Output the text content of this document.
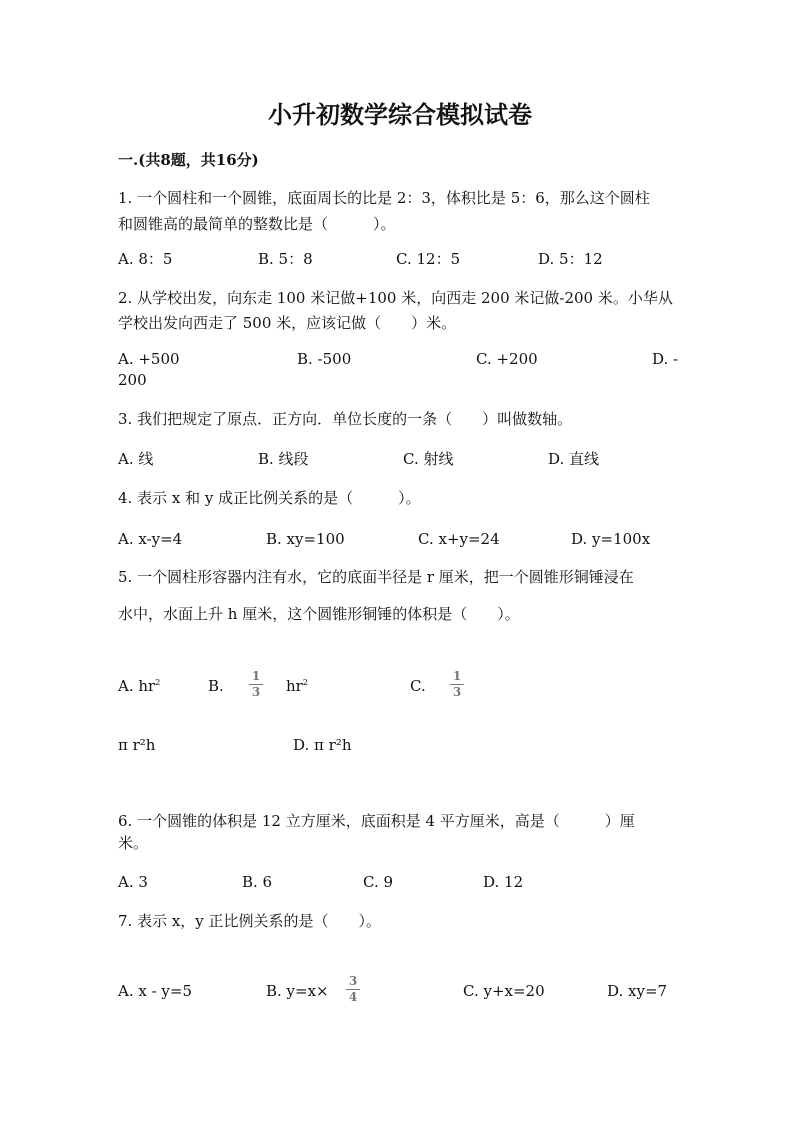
小升初数学综合模拟试卷
一.(共8题，共16分)
1. 一个圆柱和一个圆锥，底面周长的比是 2：3，体积比是 5：6，那么这个圆柱
和圆锥高的最简单的整数比是（　　　）。
A. 8：5	B. 5：8	C. 12：5	D. 5：12
2. 从学校出发，向东走 100 米记做+100 米，向西走 200 米记做-200 米。小华从
学校出发向西走了 500 米，应该记做（　　）米。
A. +500	B. -500	C. +200	D. -
200
3. 我们把规定了原点．正方向．单位长度的一条（　　）叫做数轴。
A. 线	B. 线段	C. 射线	D. 直线
4. 表示 x 和 y 成正比例关系的是（　　　）。
A. x-y=4	B. xy=100	C. x+y=24	D. y=100x
5. 一个圆柱形容器内注有水，它的底面半径是 r 厘米，把一个圆锥形铜锤浸在
水中，水面上升 h 厘米，这个圆锥形铜锤的体积是（　　）。
A. $hr^2$	B.
1
3 $hr^2$	C.
1
3
π r²h	D. π r²h
6. 一个圆锥的体积是 12 立方厘米，底面积是 4 平方厘米，高是（　　　）厘
米。
A. 3	B. 6	C. 9	D. 12
7. 表示 x，y 正比例关系的是（　　）。
A. x - y=5	B. y=x×
3
4	C. y+x=20	D. xy=7
